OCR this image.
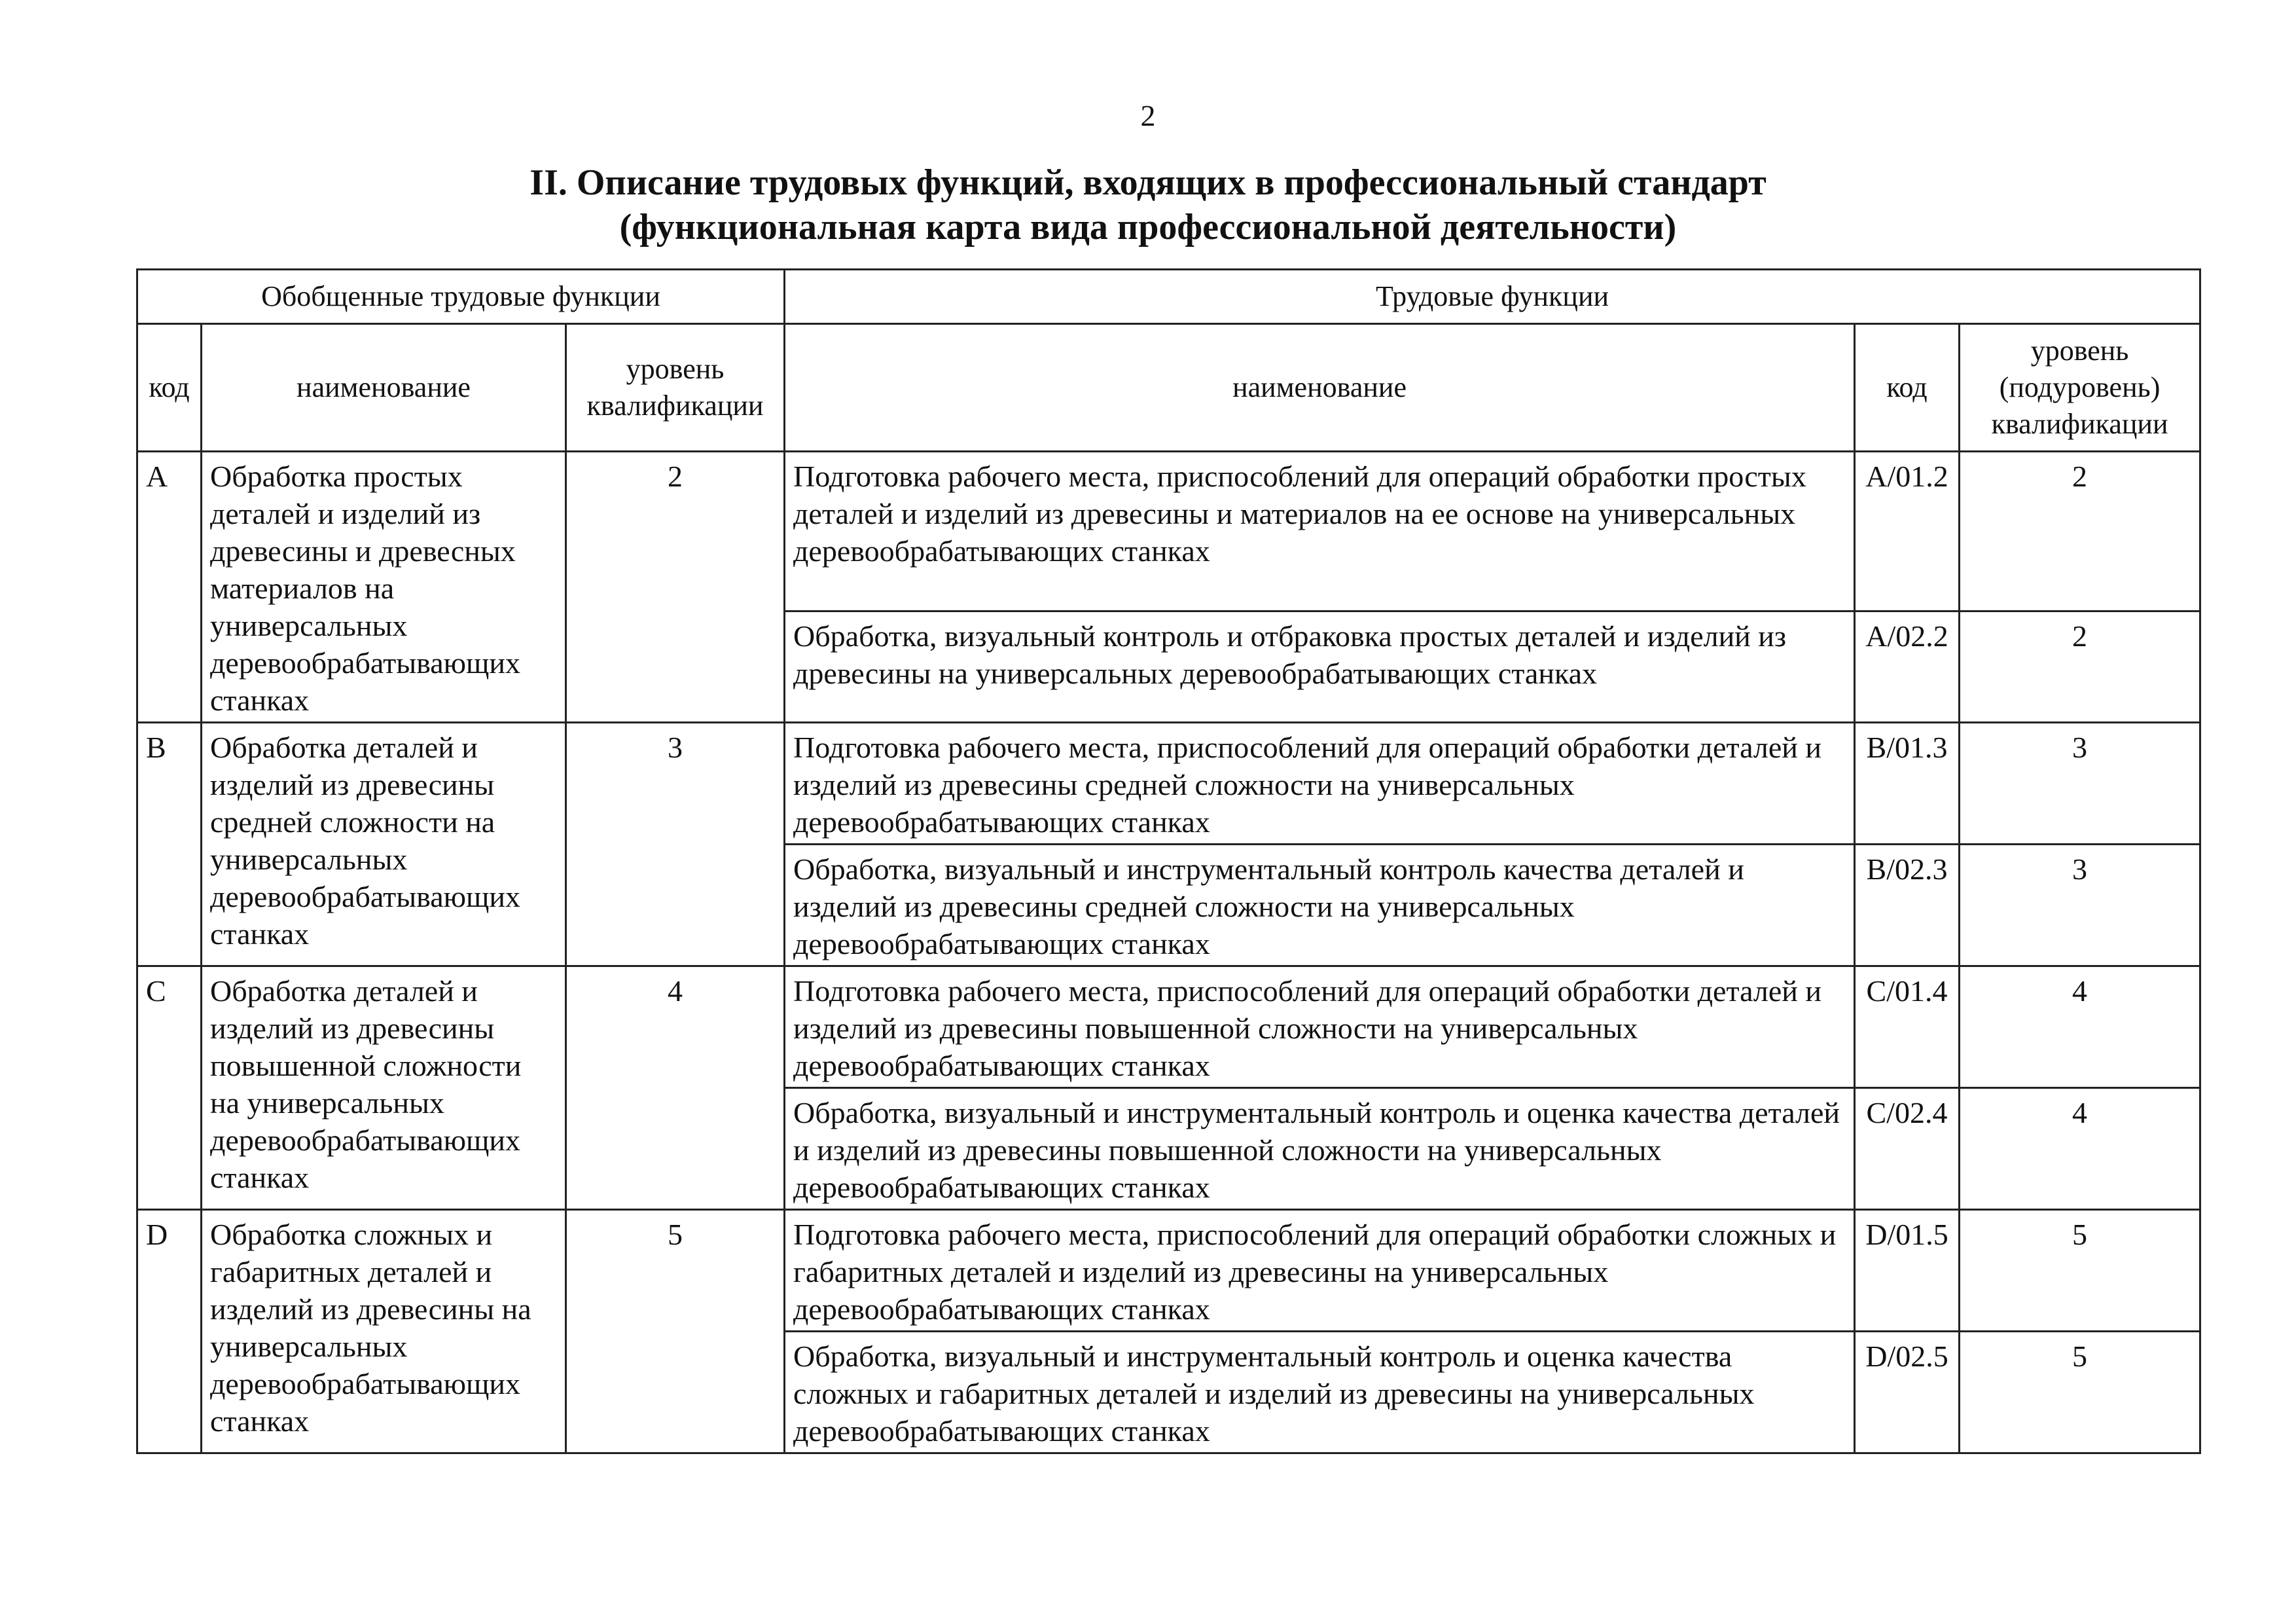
2
II. Описание трудовых функций, входящих в профессиональный стандарт
(функциональная карта вида профессиональной деятельности)
Обобщенные трудовые функции			Трудовые функции		
код	наименование	уровень квалификации	наименование	код	уровень (подуровень) квалификации
A	Обработка простых деталей и изделий из древесины и древесных материалов на универсальных деревообрабатывающих станках	2	Подготовка рабочего места, приспособлений для операций обработки простых деталей и изделий из древесины и материалов на ее основе на универсальных деревообрабатывающих станках	A/01.2	2
			Обработка, визуальный контроль и отбраковка простых деталей и изделий из древесины на универсальных деревообрабатывающих станках	A/02.2	2
B	Обработка деталей и изделий из древесины средней сложности на универсальных деревообрабатывающих станках	3	Подготовка рабочего места, приспособлений для операций обработки деталей и изделий из древесины средней сложности на универсальных деревообрабатывающих станках	B/01.3	3
			Обработка, визуальный и инструментальный контроль качества деталей и изделий из древесины средней сложности на универсальных деревообрабатывающих станках	B/02.3	3
C	Обработка деталей и изделий из древесины повышенной сложности на универсальных деревообрабатывающих станках	4	Подготовка рабочего места, приспособлений для операций обработки деталей и изделий из древесины повышенной сложности на универсальных деревообрабатывающих станках	C/01.4	4
			Обработка, визуальный и инструментальный контроль и оценка качества деталей и изделий из древесины повышенной сложности на универсальных деревообрабатывающих станках	C/02.4	4
D	Обработка сложных и габаритных деталей и изделий из древесины на универсальных деревообрабатывающих станках	5	Подготовка рабочего места, приспособлений для операций обработки сложных и габаритных деталей и изделий из древесины на универсальных деревообрабатывающих станках	D/01.5	5
			Обработка, визуальный и инструментальный контроль и оценка качества сложных и габаритных деталей и изделий из древесины на универсальных деревообрабатывающих станках	D/02.5	5
